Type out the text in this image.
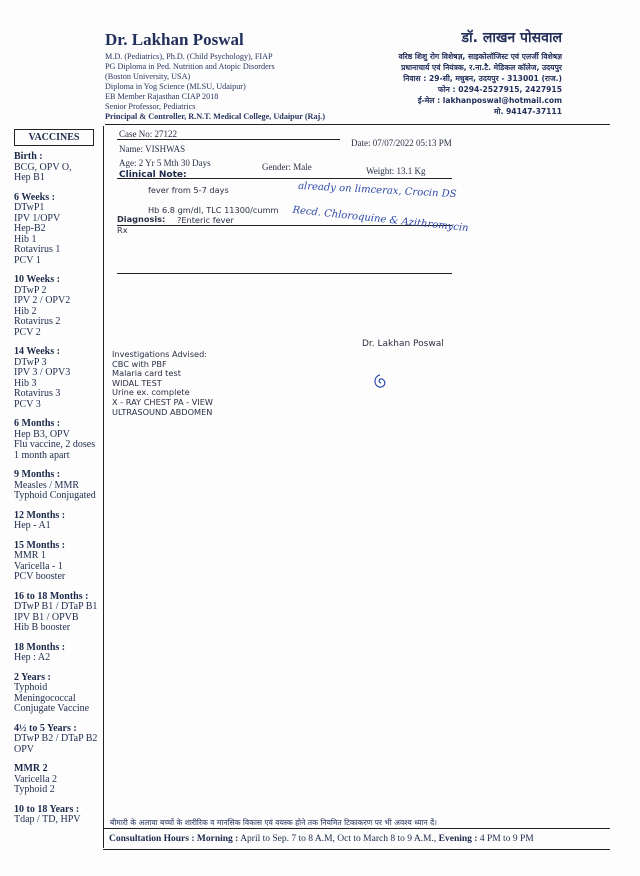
Dr. Lakhan Poswal
M.D. (Pediatrics), Ph.D. (Child Psychology), FIAP
PG Diploma in Ped. Nutrition and Atopic Disorders
(Boston University, USA)
Diploma in Yog Science (MLSU, Udaipur)
EB Member Rajasthan CIAP 2018
Senior Professor, Pediatrics
Principal & Controller, R.N.T. Medical College, Udaipur (Raj.)
डॉ. लाखन पोसवाल
वरिष्ठ शिशु रोग विशेषज्ञ, साइकोलॉजिस्ट एवं एलर्जी विशेषज्ञ
प्रधानाचार्य एवं नियंत्रक, र.ना.टै. मेडिकल कॉलेज, उदयपुर
निवास : 29-सी, मधुबन, उदयपुर - 313001 (राज.)
फोन : 0294-2527915, 2427915
ई-मेल : lakhanposwal@hotmail.com
मो. 94147-37111
VACCINES
Birth :
BCG, OPV O,
Hep B1
6 Weeks :
DTwP1
IPV 1/OPV
Hep-B2
Hib 1
Rotavirus 1
PCV 1
10 Weeks :
DTwP 2
IPV 2 / OPV2
Hib 2
Rotavirus 2
PCV 2
14 Weeks :
DTwP 3
IPV 3 / OPV3
Hib 3
Rotavirus 3
PCV 3
6 Months :
Hep B3, OPV
Flu vaccine, 2 doses
1 month apart
9 Months :
Measles / MMR
Typhoid Conjugated
12 Months :
Hep - A1
15 Months :
MMR 1
Varicella - 1
PCV booster
16 to 18 Months :
DTwP B1 / DTaP B1
IPV B1 / OPVB
Hib B booster
18 Months :
Hep : A2
2 Years :
Typhoid
Meningococcal
Conjugate Vaccine
4½ to 5 Years :
DTwP B2 / DTaP B2
OPV
MMR 2
Varicella 2
Typhoid 2
10 to 18 Years :
Tdap / TD, HPV
Case No: 27122
Date: 07/07/2022 05:13 PM
Name: VISHWAS
Age: 2 Yr 5 Mth 30 Days	Gender: Male	Weight: 13.1 Kg
Clinical Note:
fever from 5-7 days
Hb 6.8 gm/dl, TLC 11300/cumm
Diagnosis: ?Enteric fever
Rx
already on limcerax, Crocin DS
Recd. Chloroquine & Azithromycin
Dr. Lakhan Poswal
Investigations Advised:
CBC with PBF
Malaria card test
WIDAL TEST
Urine ex. complete
X - RAY CHEST PA - VIEW
ULTRASOUND ABDOMEN
बीमारी के अलावा बच्चों के शारीरिक व मानसिक विकास एवं वयस्क होने तक नियमित टिकाकरण पर भी अवश्य ध्यान दें।
Consultation Hours : Morning : April to Sep. 7 to 8 A.M, Oct to March 8 to 9 A.M., Evening : 4 PM to 9 PM
